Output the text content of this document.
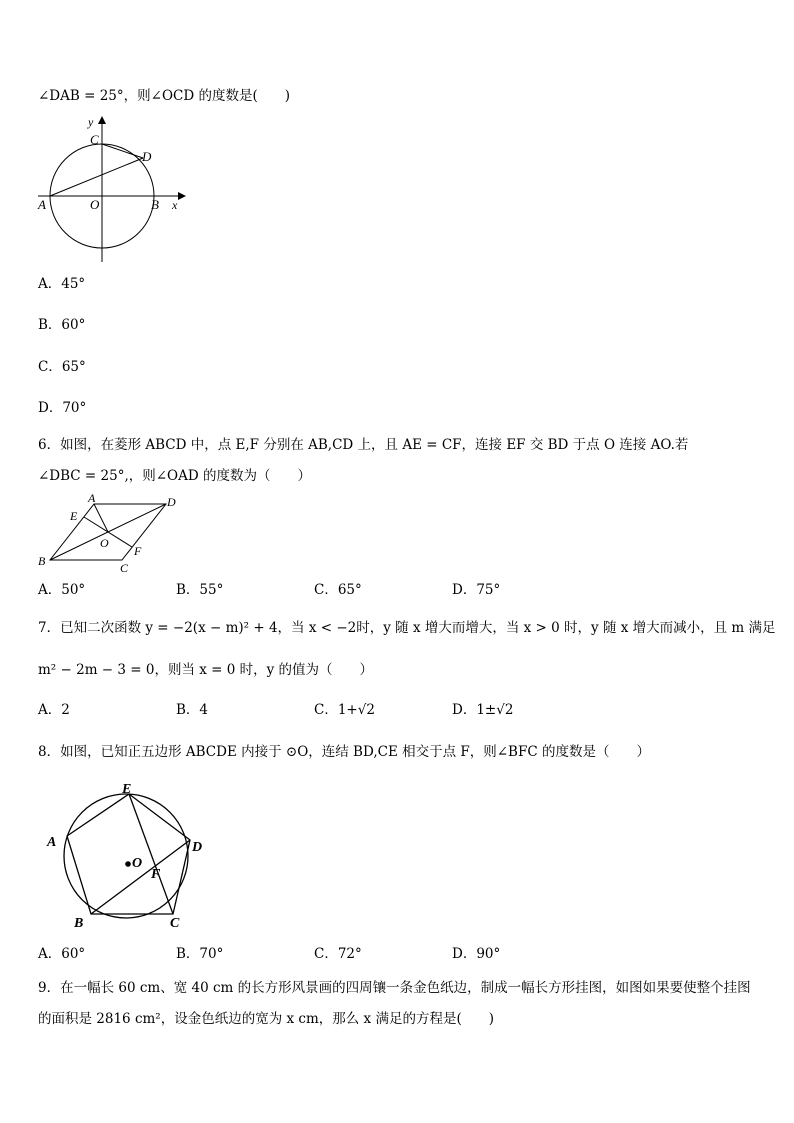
∠DAB = 25°，则∠OCD 的度数是(　　)
y
C
D
A	O	B x
A．45°
B．60°
C．65°
D．70°
6．如图，在菱形 ABCD 中，点 E,F 分别在 AB,CD 上，且 AE = CF，连接 EF 交 BD 于点 O 连接 AO.若
∠DBC = 25°,，则∠OAD 的度数为（　　）
A	D
E
O
F
B	C
A．50°	B．55°	C．65°	D．75°
7．已知二次函数 y = −2(x − m)² + 4，当 x < −2时，y 随 x 增大而增大，当 x > 0 时，y 随 x 增大而减小，且 m 满足
m² − 2m − 3 = 0，则当 x = 0 时，y 的值为（　　）
A．2	B．4	C．1+√2	D．1±√2
8．如图，已知正五边形 ABCDE 内接于 ⊙O，连结 BD,CE 相交于点 F，则∠BFC 的度数是（　　）
E
A	D
O
F
B	C
A．60°	B．70°	C．72°	D．90°
9．在一幅长 60 cm、宽 40 cm 的长方形风景画的四周镶一条金色纸边，制成一幅长方形挂图，如图如果要使整个挂图
的面积是 2816 cm²，设金色纸边的宽为 x cm，那么 x 满足的方程是(　　)
